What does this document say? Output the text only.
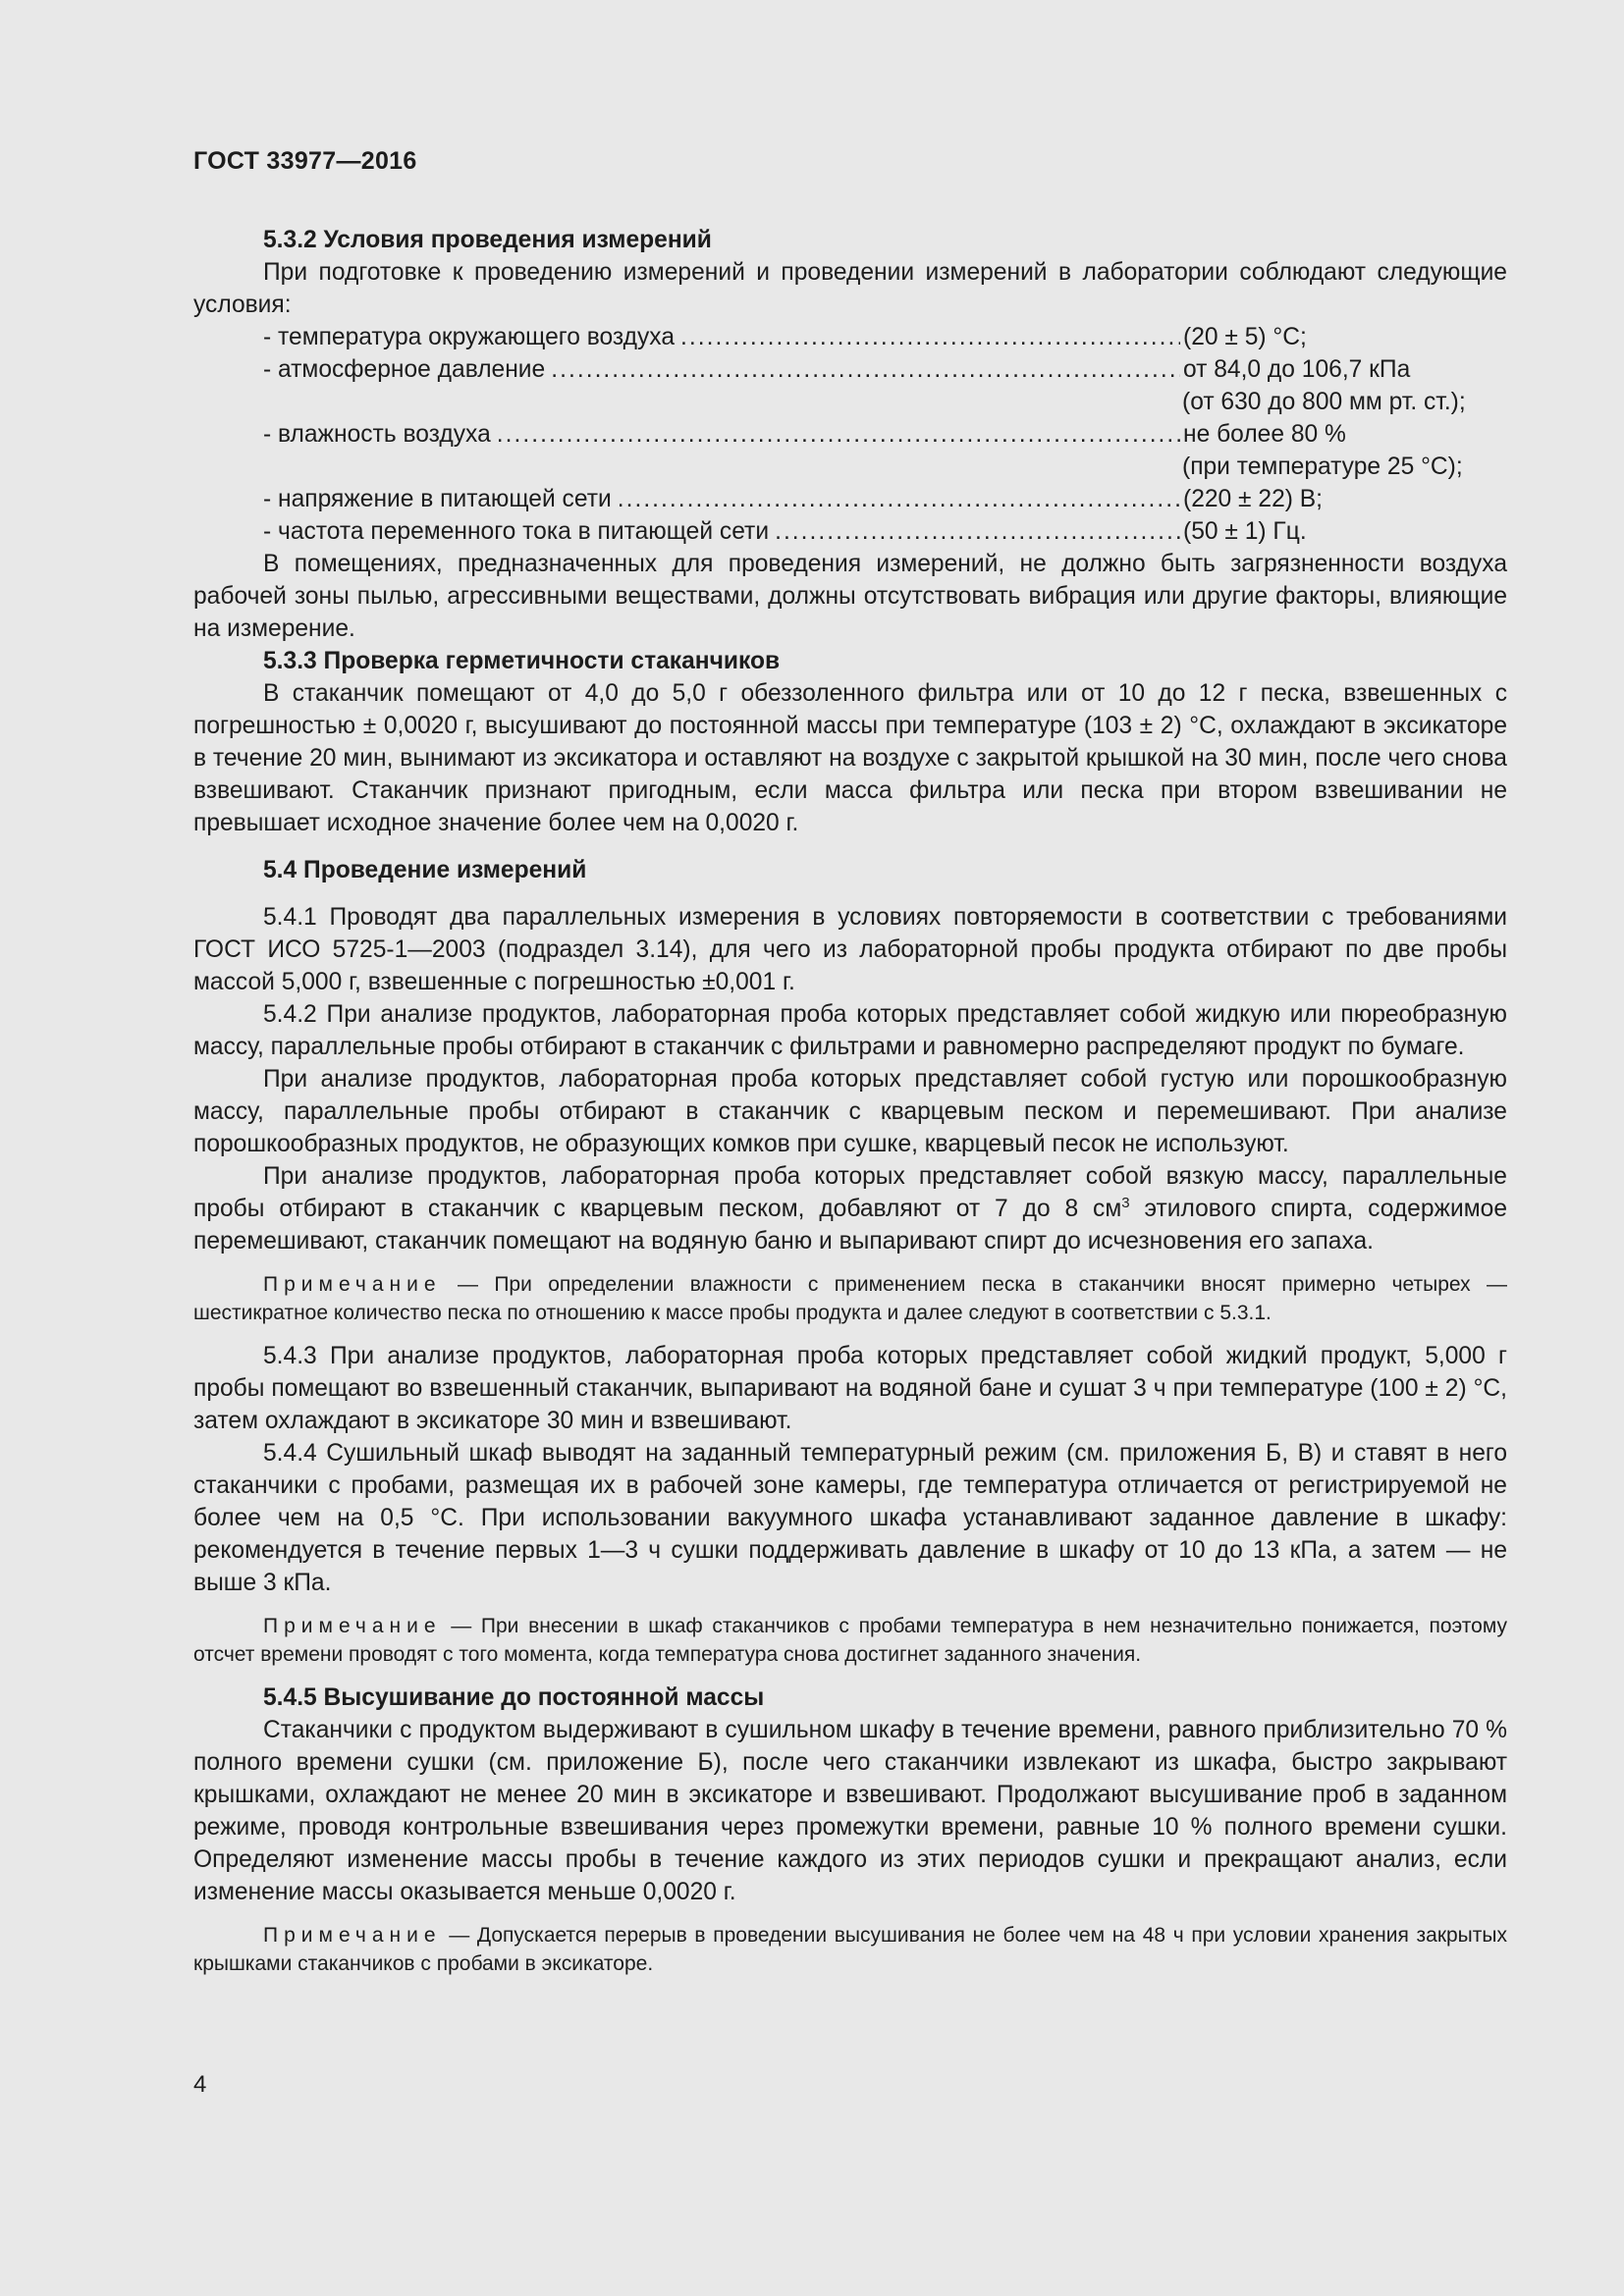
ГОСТ 33977—2016

5.3.2 Условия проведения измерений

При подготовке к проведению измерений и проведении измерений в лаборатории соблюдают следующие условия:

- температура окружающего воздуха . . .	(20 ± 5) °С;
- атмосферное давление . . .	от 84,0 до 106,7 кПа
(от 630 до 800 мм рт. ст.);
- влажность воздуха . . .	не более 80 %
(при температуре 25 °С);
- напряжение в питающей сети . . .	(220 ± 22) В;
- частота переменного тока в питающей сети . . .	(50 ± 1) Гц.

В помещениях, предназначенных для проведения измерений, не должно быть загрязненности воздуха рабочей зоны пылью, агрессивными веществами, должны отсутствовать вибрация или другие факторы, влияющие на измерение.

5.3.3 Проверка герметичности стаканчиков

В стаканчик помещают от 4,0 до 5,0 г обеззоленного фильтра или от 10 до 12 г песка, взвешенных с погрешностью ± 0,0020 г, высушивают до постоянной массы при температуре (103 ± 2) °С, охлаждают в эксикаторе в течение 20 мин, вынимают из эксикатора и оставляют на воздухе с закрытой крышкой на 30 мин, после чего снова взвешивают. Стаканчик признают пригодным, если масса фильтра или песка при втором взвешивании не превышает исходное значение более чем на 0,0020 г.

5.4 Проведение измерений

5.4.1 Проводят два параллельных измерения в условиях повторяемости в соответствии с требованиями ГОСТ ИСО 5725-1—2003 (подраздел 3.14), для чего из лабораторной пробы продукта отбирают по две пробы массой 5,000 г, взвешенные с погрешностью ±0,001 г.

5.4.2 При анализе продуктов, лабораторная проба которых представляет собой жидкую или пюреобразную массу, параллельные пробы отбирают в стаканчик с фильтрами и равномерно распределяют продукт по бумаге.

При анализе продуктов, лабораторная проба которых представляет собой густую или порошкообразную массу, параллельные пробы отбирают в стаканчик с кварцевым песком и перемешивают. При анализе порошкообразных продуктов, не образующих комков при сушке, кварцевый песок не используют.

При анализе продуктов, лабораторная проба которых представляет собой вязкую массу, параллельные пробы отбирают в стаканчик с кварцевым песком, добавляют от 7 до 8 $см^3$ этилового спирта, содержимое перемешивают, стаканчик помещают на водяную баню и выпаривают спирт до исчезновения его запаха.

Примечание — При определении влажности с применением песка в стаканчики вносят примерно четырех — шестикратное количество песка по отношению к массе пробы продукта и далее следуют в соответствии с 5.3.1.

5.4.3 При анализе продуктов, лабораторная проба которых представляет собой жидкий продукт, 5,000 г пробы помещают во взвешенный стаканчик, выпаривают на водяной бане и сушат 3 ч при температуре (100 ± 2) °С, затем охлаждают в эксикаторе 30 мин и взвешивают.

5.4.4 Сушильный шкаф выводят на заданный температурный режим (см. приложения Б, В) и ставят в него стаканчики с пробами, размещая их в рабочей зоне камеры, где температура отличается от регистрируемой не более чем на 0,5 °С. При использовании вакуумного шкафа устанавливают заданное давление в шкафу: рекомендуется в течение первых 1—3 ч сушки поддерживать давление в шкафу от 10 до 13 кПа, а затем — не выше 3 кПа.

Примечание — При внесении в шкаф стаканчиков с пробами температура в нем незначительно понижается, поэтому отсчет времени проводят с того момента, когда температура снова достигнет заданного значения.

5.4.5 Высушивание до постоянной массы

Стаканчики с продуктом выдерживают в сушильном шкафу в течение времени, равного приблизительно 70 % полного времени сушки (см. приложение Б), после чего стаканчики извлекают из шкафа, быстро закрывают крышками, охлаждают не менее 20 мин в эксикаторе и взвешивают. Продолжают высушивание проб в заданном режиме, проводя контрольные взвешивания через промежутки времени, равные 10 % полного времени сушки. Определяют изменение массы пробы в течение каждого из этих периодов сушки и прекращают анализ, если изменение массы оказывается меньше 0,0020 г.

Примечание — Допускается перерыв в проведении высушивания не более чем на 48 ч при условии хранения закрытых крышками стаканчиков с пробами в эксикаторе.

4
